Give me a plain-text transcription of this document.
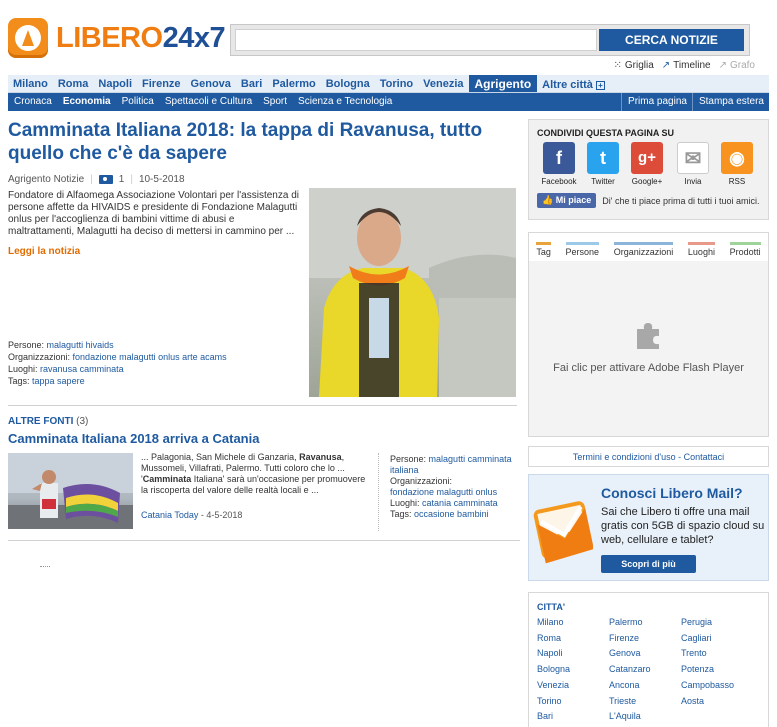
LIBERO24x7	CERCA NOTIZIE
⁙ Griglia ↗ Timeline ↗ Grafo
Milano Roma Napoli Firenze Genova Bari Palermo Bologna Torino Venezia Agrigento	Altre città +
Cronaca	Economia	Politica	Spettacoli e Cultura	Sport	Scienza e Tecnologia	Prima pagina	Stampa estera
Camminata Italiana 2018: la tappa di Ravanusa, tutto quello che c'è da sapere
Agrigento Notizie |	1 | 10-5-2018
Fondatore di Alfaomega Associazione Volontari per l'assistenza di persone affette da HIVAIDS e presidente di Fondazione Malagutti onlus per l'accoglienza di bambini vittime di abusi e maltrattamenti, Malagutti ha deciso di mettersi in cammino per ...
Leggi la notizia
Persone: malagutti hivaids
Organizzazioni: fondazione malagutti onlus arte acams
Luoghi: ravanusa camminata
Tags: tappa sapere
ALTRE FONTI (3)
Camminata Italiana 2018 arriva a Catania
... Palagonia, San Michele di Ganzaria, Ravanusa, Mussomeli, Villafrati, Palermo. Tutti coloro che lo ... 'Camminata Italiana' sarà un'occasione per promuovere la riscoperta del valore delle realtà locali e ...
Catania Today - 4-5-2018
Persone: malagutti camminata italiana
Organizzazioni:
fondazione malagutti onlus
Luoghi: catania camminata
Tags: occasione bambini
CONDIVIDI QUESTA PAGINA SU
f
Facebook
t
Twitter
g+
Google+
✉
Invia
◉
RSS
👍 Mi piace	Di' che ti piace prima di tutti i tuoi amici.
Tag Persone Organizzazioni Luoghi Prodotti
Fai clic per attivare Adobe Flash Player
Termini e condizioni d'uso - Contattaci
Conosci Libero Mail?
Sai che Libero ti offre una mail gratis con 5GB di spazio cloud su web, cellulare e tablet?
Scopri di più
CITTA'
Milano	Palermo	Perugia
Roma	Firenze	Cagliari
Napoli	Genova	Trento
Bologna	Catanzaro	Potenza
Venezia	Ancona	Campobasso
Torino	Trieste	Aosta
Bari	L'Aquila
